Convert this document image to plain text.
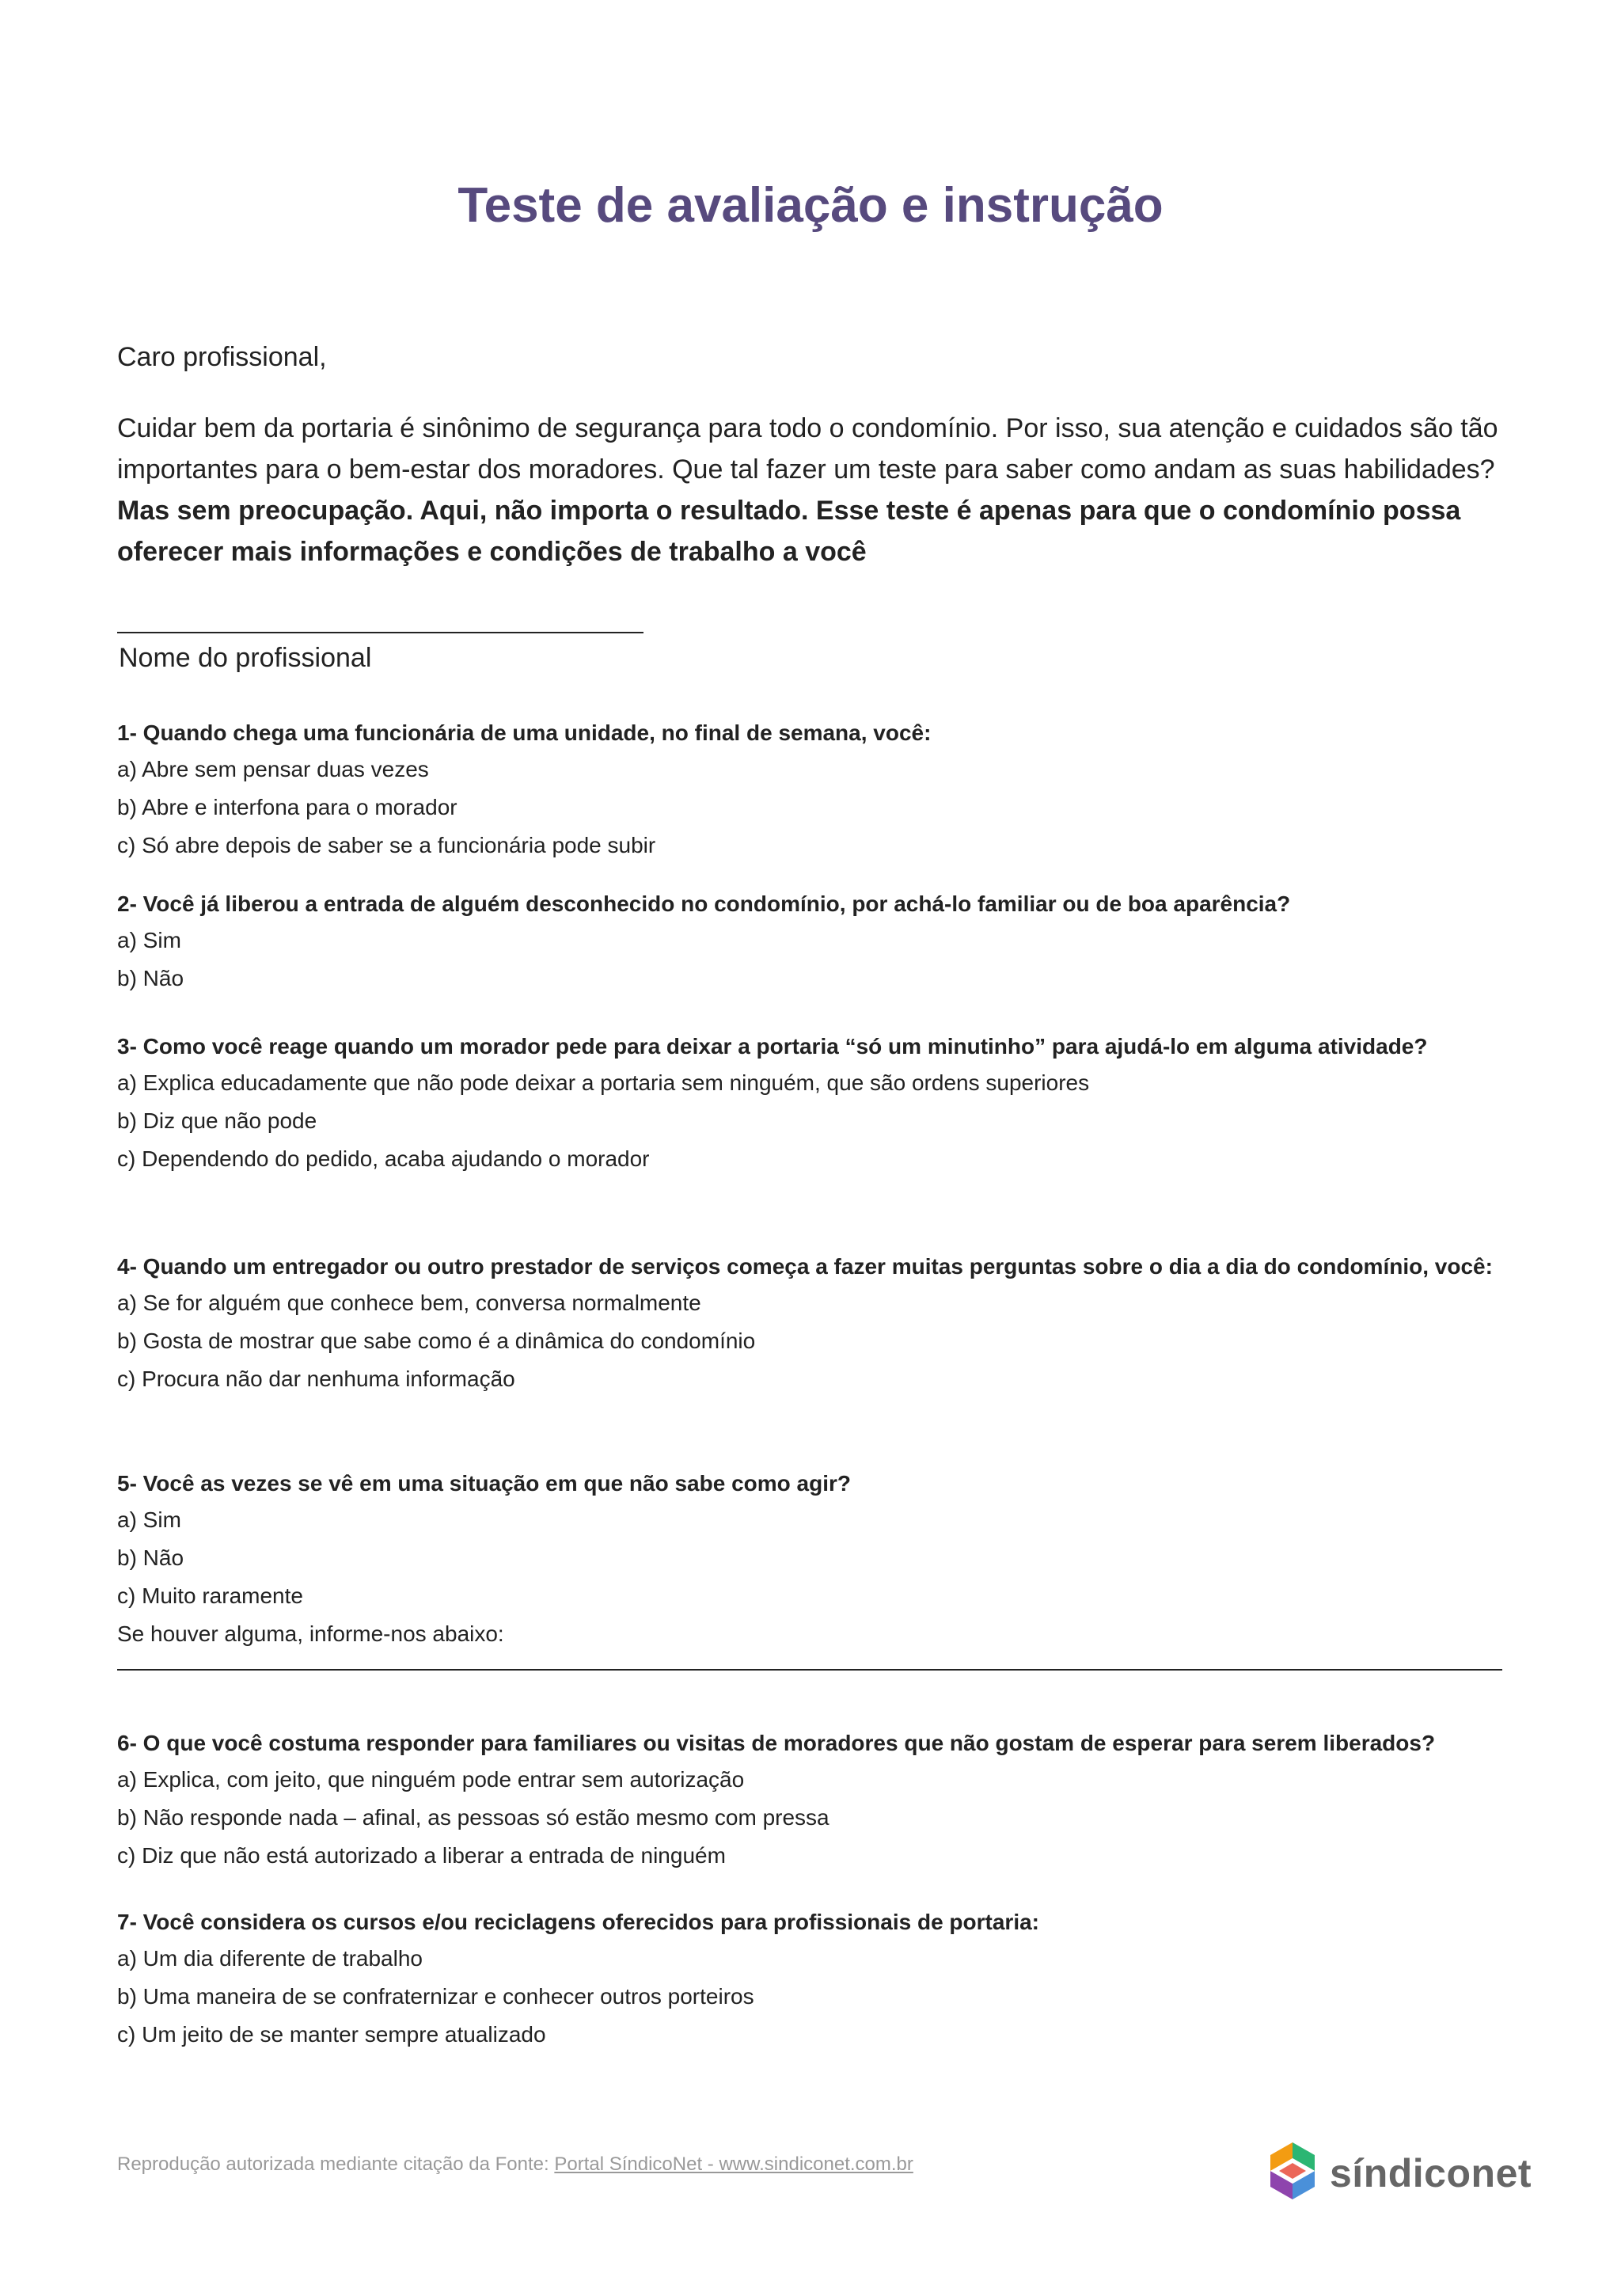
Teste de avaliação e instrução

Caro profissional,

Cuidar bem da portaria é sinônimo de segurança para todo o condomínio. Por isso, sua atenção e cuidados são tão importantes para o bem-estar dos moradores. Que tal fazer um teste para saber como andam as suas habilidades?
Mas sem preocupação. Aqui, não importa o resultado. Esse teste é apenas para que o condomínio possa oferecer mais informações e condições de trabalho a você
Nome do profissional
1- Quando chega uma funcionária de uma unidade, no final de semana, você:
a) Abre sem pensar duas vezes
b) Abre e interfona para o morador
c) Só abre depois de saber se a funcionária pode subir
2- Você já liberou a entrada de alguém desconhecido no condomínio, por achá-lo familiar ou de boa aparência?
a) Sim
b) Não
3- Como você reage quando um morador pede para deixar a portaria “só um minutinho” para ajudá-lo em alguma atividade?
a) Explica educadamente que não pode deixar a portaria sem ninguém, que são ordens superiores
b) Diz que não pode
c) Dependendo do pedido, acaba ajudando o morador
4- Quando um entregador ou outro prestador de serviços começa a fazer muitas perguntas sobre o dia a dia do condomínio, você:
a) Se for alguém que conhece bem, conversa normalmente
b) Gosta de mostrar que sabe como é a dinâmica do condomínio
c) Procura não dar nenhuma informação
5- Você as vezes se vê em uma situação em que não sabe como agir?
a) Sim
b) Não
c) Muito raramente
Se houver alguma, informe-nos abaixo:
6- O que você costuma responder para familiares ou visitas de moradores que não gostam de esperar para serem liberados?
a) Explica, com jeito, que ninguém pode entrar sem autorização
b) Não responde nada – afinal, as pessoas só estão mesmo com pressa
c) Diz que não está autorizado a liberar a entrada de ninguém
7- Você considera os cursos e/ou reciclagens oferecidos para profissionais de portaria:
a) Um dia diferente de trabalho
b) Uma maneira de se confraternizar e conhecer outros porteiros
c) Um jeito de se manter sempre atualizado
Reprodução autorizada mediante citação da Fonte: Portal SíndicoNet - www.sindiconet.com.br	síndiconet
